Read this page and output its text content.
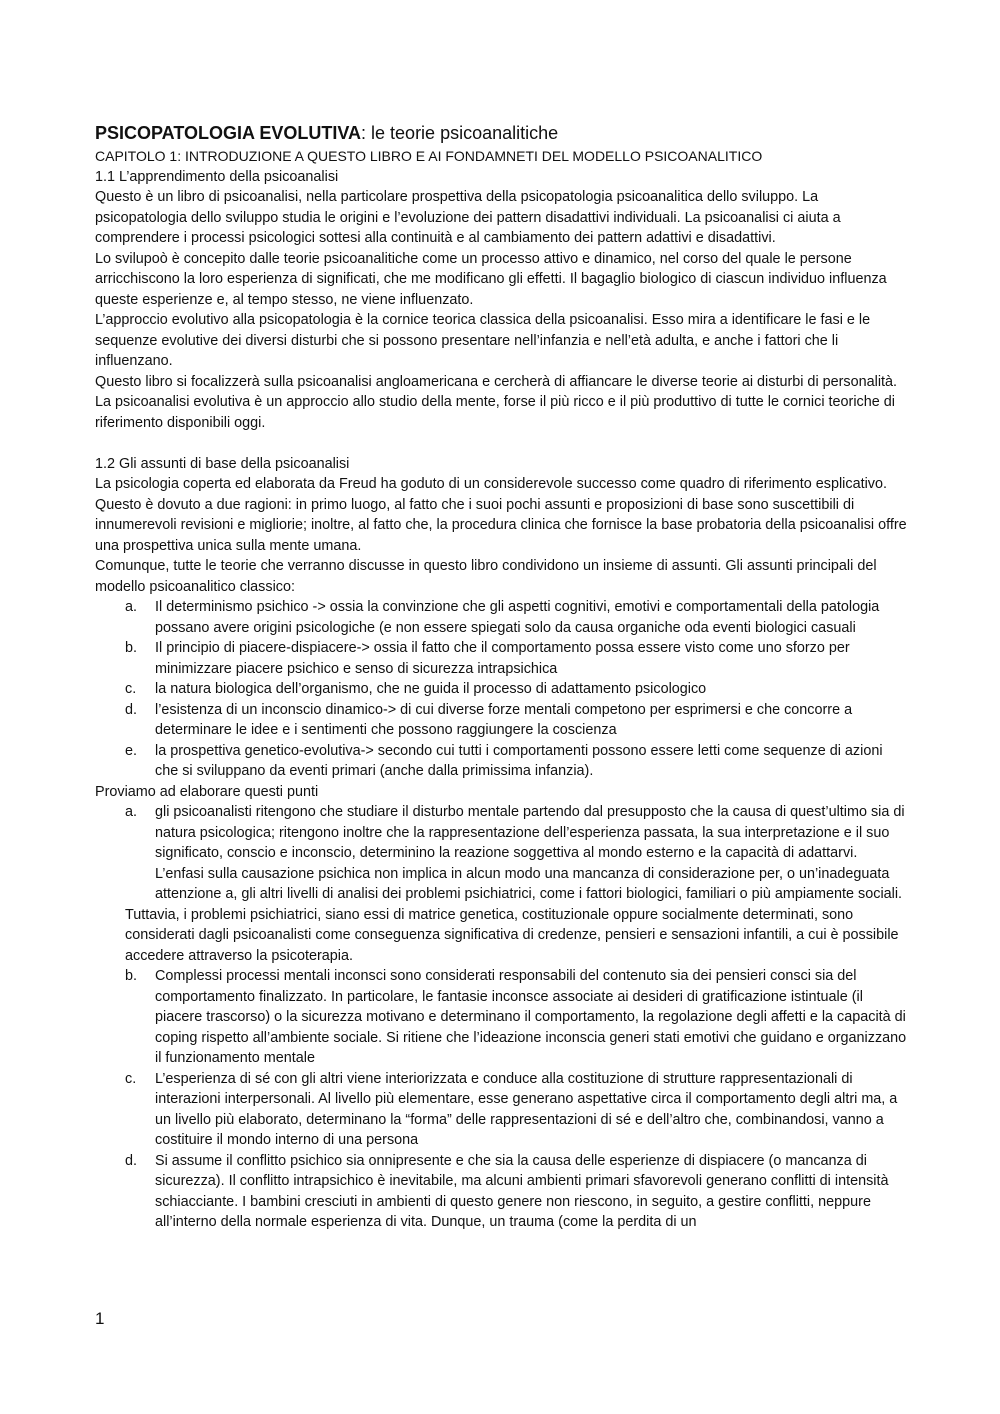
PSICOPATOLOGIA EVOLUTIVA: le teorie psicoanalitiche

CAPITOLO 1: INTRODUZIONE A QUESTO LIBRO E AI FONDAMNETI DEL MODELLO PSICOANALITICO

1.1 L’apprendimento della psicoanalisi

Questo è un libro di psicoanalisi, nella particolare prospettiva della psicopatologia psicoanalitica dello sviluppo. La psicopatologia dello sviluppo studia le origini e l’evoluzione dei pattern disadattivi individuali. La psicoanalisi ci aiuta a comprendere i processi psicologici sottesi alla continuità e al cambiamento dei pattern adattivi e disadattivi.

Lo svilupoò è concepito dalle teorie psicoanalitiche come un processo attivo e dinamico, nel corso del quale le persone arricchiscono la loro esperienza di significati, che me modificano gli effetti. Il bagaglio biologico di ciascun individuo influenza queste esperienze e, al tempo stesso, ne viene influenzato.

L’approccio evolutivo alla psicopatologia è la cornice teorica classica della psicoanalisi. Esso mira a identificare le fasi e le sequenze evolutive dei diversi disturbi che si possono presentare nell’infanzia e nell’età adulta, e anche i fattori che li influenzano.

Questo libro si focalizzerà sulla psicoanalisi angloamericana e cercherà di affiancare le diverse teorie ai disturbi di personalità.

La psicoanalisi evolutiva è un approccio allo studio della mente, forse il più ricco e il più produttivo di tutte le cornici teoriche di riferimento disponibili oggi.

1.2 Gli assunti di base della psicoanalisi

La psicologia coperta ed elaborata da Freud ha goduto di un considerevole successo come quadro di riferimento esplicativo. Questo è dovuto a due ragioni: in primo luogo, al fatto che i suoi pochi assunti e proposizioni di base sono suscettibili di innumerevoli revisioni e migliorie; inoltre, al fatto che, la procedura clinica che fornisce la base probatoria della psicoanalisi offre una prospettiva unica sulla mente umana.

Comunque, tutte le teorie che verranno discusse in questo libro condividono un insieme di assunti. Gli assunti principali del modello psicoanalitico classico:

a. Il determinismo psichico -> ossia la convinzione che gli aspetti cognitivi, emotivi e comportamentali della patologia possano avere origini psicologiche (e non essere spiegati solo da causa organiche oda eventi biologici casuali
b. Il principio di piacere-dispiacere-> ossia il fatto che il comportamento possa essere visto come uno sforzo per minimizzare piacere psichico e senso di sicurezza intrapsichica
c. la natura biologica dell’organismo, che ne guida il processo di adattamento psicologico
d. l’esistenza di un inconscio dinamico-> di cui diverse forze mentali competono per esprimersi e che concorre a determinare le idee e i sentimenti che possono raggiungere la coscienza
e. la prospettiva genetico-evolutiva-> secondo cui tutti i comportamenti possono essere letti come sequenze di azioni che si sviluppano da eventi primari (anche dalla primissima infanzia).

Proviamo ad elaborare questi punti

a. gli psicoanalisti ritengono che studiare il disturbo mentale partendo dal presupposto che la causa di quest’ultimo sia di natura psicologica; ritengono inoltre che la rappresentazione dell’esperienza passata, la sua interpretazione e il suo significato, conscio e inconscio, determinino la reazione soggettiva al mondo esterno e la capacità di adattarvi. L’enfasi sulla causazione psichica non implica in alcun modo una mancanza di considerazione per, o un’inadeguata attenzione a, gli altri livelli di analisi dei problemi psichiatrici, come i fattori biologici, familiari o più ampiamente sociali.

Tuttavia, i problemi psichiatrici, siano essi di matrice genetica, costituzionale oppure socialmente determinati, sono considerati dagli psicoanalisti come conseguenza significativa di credenze, pensieri e sensazioni infantili, a cui è possibile accedere attraverso la psicoterapia.

b. Complessi processi mentali inconsci sono considerati responsabili del contenuto sia dei pensieri consci sia del comportamento finalizzato. In particolare, le fantasie inconsce associate ai desideri di gratificazione istintuale (il piacere trascorso) o la sicurezza motivano e determinano il comportamento, la regolazione degli affetti e la capacità di coping rispetto all’ambiente sociale. Si ritiene che l’ideazione inconscia generi stati emotivi che guidano e organizzano il funzionamento mentale
c. L’esperienza di sé con gli altri viene interiorizzata e conduce alla costituzione di strutture rappresentazionali di interazioni interpersonali. Al livello più elementare, esse generano aspettative circa il comportamento degli altri ma, a un livello più elaborato, determinano la “forma” delle rappresentazioni di sé e dell’altro che, combinandosi, vanno a costituire il mondo interno di una persona
d. Si assume il conflitto psichico sia onnipresente e che sia la causa delle esperienze di dispiacere (o mancanza di sicurezza). Il conflitto intrapsichico è inevitabile, ma alcuni ambienti primari sfavorevoli generano conflitti di intensità schiacciante. I bambini cresciuti in ambienti di questo genere non riescono, in seguito, a gestire conflitti, neppure all’interno della normale esperienza di vita. Dunque, un trauma (come la perdita di un
1
